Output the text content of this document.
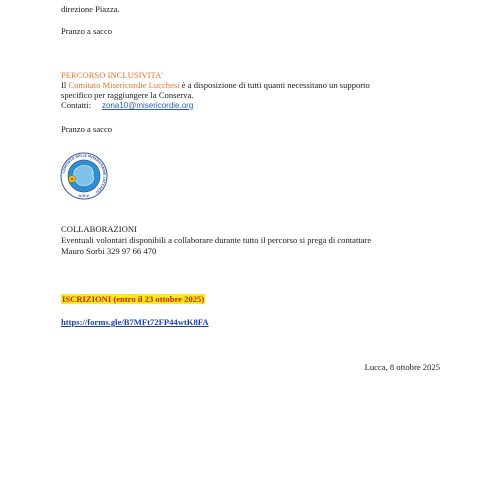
direzione Piazza.
Pranzo a sacco
PERCORSO INCLUSIVITA'
Il Comitato Misericordie Lucchesi è a disposizione di tutti quanti necessitano un supporto
specifico per raggiungere la Conserva.
Contatti: zona10@misericordie.org
Pranzo a sacco
COMITATO DELLE MISERICORDIE LUCCHESI
O.D.V.
COLLABORAZIONI
Eventuali volontari disponibili a collaborare durante tutto il percorso si prega di contattare
Mauro Sorbi 329 97 66 470
ISCRIZIONI (entro il 23 ottobre 2025)
https://forms.gle/B7MFt72FP44wtK8FA
Lucca, 8 ottobre 2025
